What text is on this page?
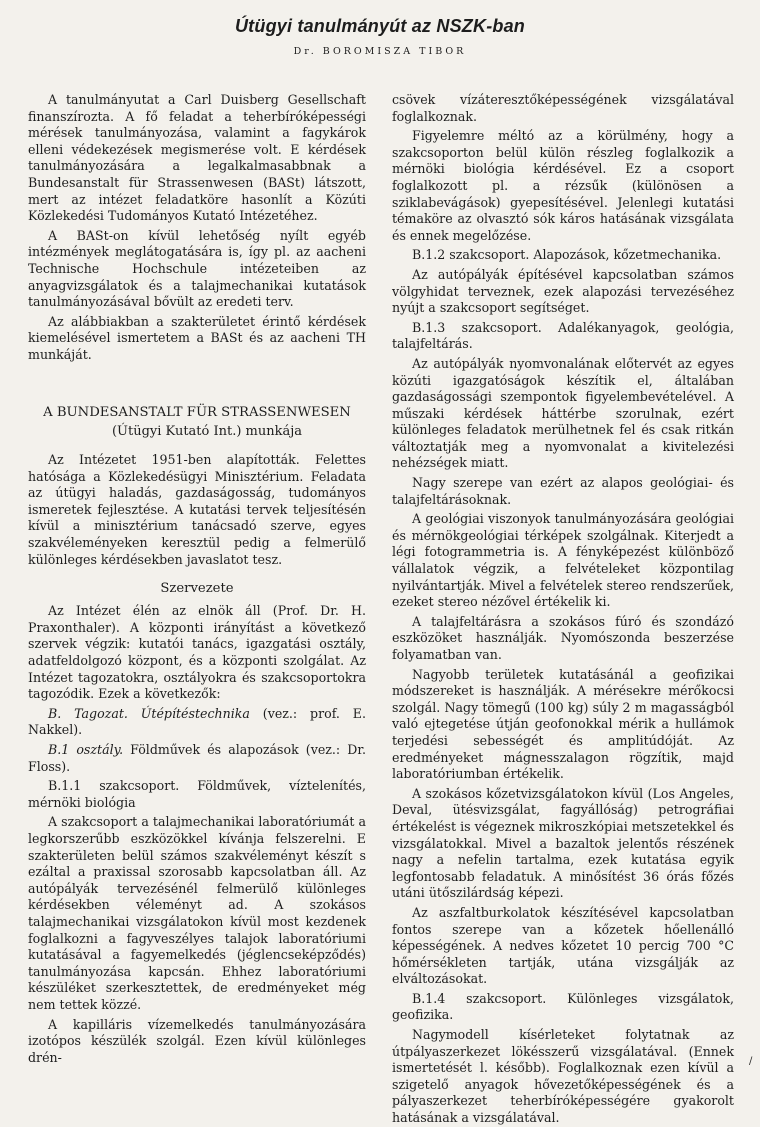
Útügyi tanulmányút az NSZK-ban
Dr. BOROMISZA TIBOR

A tanulmányutat a Carl Duisberg Gesellschaft finanszírozta. A fő feladat a teherbíróképességi mérések tanulmányozása, valamint a fagykárok elleni védekezések megismerése volt. E kérdések tanulmányozására a legalkalmasabbnak a Bundesanstalt für Strassenwesen (BASt) látszott, mert az intézet feladatköre hasonlít a Közúti Közlekedési Tudományos Kutató Intézetéhez.

A BASt-on kívül lehetőség nyílt egyéb intézmények meglátogatására is, így pl. az aacheni Technische Hochschule intézeteiben az anyagvizsgálatok és a talajmechanikai kutatások tanulmányozásával bővült az eredeti terv.

Az alábbiakban a szakterületet érintő kérdések kiemelésével ismertetem a BASt és az aacheni TH munkáját.

A BUNDESANSTALT FÜR STRASSENWESEN

(Útügyi Kutató Int.) munkája

Az Intézetet 1951-ben alapították. Felettes hatósága a Közlekedésügyi Minisztérium. Feladata az útügyi haladás, gazdaságosság, tudományos ismeretek fejlesztése. A kutatási tervek teljesítésén kívül a minisztérium tanácsadó szerve, egyes szakvéleményeken keresztül pedig a felmerülő különleges kérdésekben javaslatot tesz.

Szervezete

Az Intézet élén az elnök áll (Prof. Dr. H. Praxonthaler). A központi irányítást a következő szervek végzik: kutatói tanács, igazgatási osztály, adatfeldolgozó központ, és a központi szolgálat. Az Intézet tagozatokra, osztályokra és szakcsoportokra tagozódik. Ezek a következők:

B. Tagozat. Útépítéstechnika (vez.: prof. E. Nakkel).

B.1 osztály. Földművek és alapozások (vez.: Dr. Floss).

B.1.1 szakcsoport. Földművek, víztelenítés, mérnöki biológia

A szakcsoport a talajmechanikai laboratóriumát a legkorszerűbb eszközökkel kívánja felszerelni. E szakterületen belül számos szakvéleményt készít s ezáltal a praxissal szorosabb kapcsolatban áll. Az autópályák tervezésénél felmerülő különleges kérdésekben véleményt ad. A szokásos talajmechanikai vizsgálatokon kívül most kezdenek foglalkozni a fagyveszélyes talajok laboratóriumi kutatásával a fagyemelkedés (jéglencseképződés) tanulmányozása kapcsán. Ehhez laboratóriumi készüléket szerkesztettek, de eredményeket még nem tettek közzé.

A kapilláris vízemelkedés tanulmányozására izotópos készülék szolgál. Ezen kívül különleges drén-

csövek vízáteresztőképességének vizsgálatával foglalkoznak.

Figyelemre méltó az a körülmény, hogy a szakcsoporton belül külön részleg foglalkozik a mérnöki biológia kérdésével. Ez a csoport foglalkozott pl. a rézsűk (különösen a sziklabevágások) gyepesítésével. Jelenlegi kutatási témaköre az olvasztó sók káros hatásának vizsgálata és ennek megelőzése.

B.1.2 szakcsoport. Alapozások, kőzetmechanika.

Az autópályák építésével kapcsolatban számos völgyhidat terveznek, ezek alapozási tervezéséhez nyújt a szakcsoport segítséget.

B.1.3 szakcsoport. Adalékanyagok, geológia, talajfeltárás.

Az autópályák nyomvonalának előtervét az egyes közúti igazgatóságok készítik el, általában gazdaságossági szempontok figyelembevételével. A műszaki kérdések háttérbe szorulnak, ezért különleges feladatok merülhetnek fel és csak ritkán változtatják meg a nyomvonalat a kivitelezési nehézségek miatt.

Nagy szerepe van ezért az alapos geológiai- és talajfeltárásoknak.

A geológiai viszonyok tanulmányozására geológiai és mérnökgeológiai térképek szolgálnak. Kiterjedt a légi fotogrammetria is. A fényképezést különböző vállalatok végzik, a felvételeket központilag nyilvántartják. Mivel a felvételek stereo rendszerűek, ezeket stereo nézővel értékelik ki.

A talajfeltárásra a szokásos fúró és szondázó eszközöket használják. Nyomószonda beszerzése folyamatban van.

Nagyobb területek kutatásánál a geofizikai módszereket is használják. A mérésekre mérőkocsi szolgál. Nagy tömegű (100 kg) súly 2 m magasságból való ejtegetése útján geofonokkal mérik a hullámok terjedési sebességét és amplitúdóját. Az eredményeket mágnesszalagon rögzítik, majd laboratóriumban értékelik.

A szokásos kőzetvizsgálatokon kívül (Los Angeles, Deval, ütésvizsgálat, fagyállóság) petrográfiai értékelést is végeznek mikroszkópiai metszetekkel és vizsgálatokkal. Mivel a bazaltok jelentős részének nagy a nefelin tartalma, ezek kutatása egyik legfontosabb feladatuk. A minősítést 36 órás főzés utáni ütőszilárdság képezi.

Az aszfaltburkolatok készítésével kapcsolatban fontos szerepe van a kőzetek hőellenálló képességének. A nedves kőzetet 10 percig 700 °C hőmérsékleten tartják, utána vizsgálják az elváltozásokat.

B.1.4 szakcsoport. Különleges vizsgálatok, geofizika.

Nagymodell kísérleteket folytatnak az útpályaszerkezet lökésszerű vizsgálatával. (Ennek ismertetését l. később). Foglalkoznak ezen kívül a szigetelő anyagok hővezetőképességének és a pályaszerkezet teherbíróképességére gyakorolt hatásának a vizsgálatával.

/
